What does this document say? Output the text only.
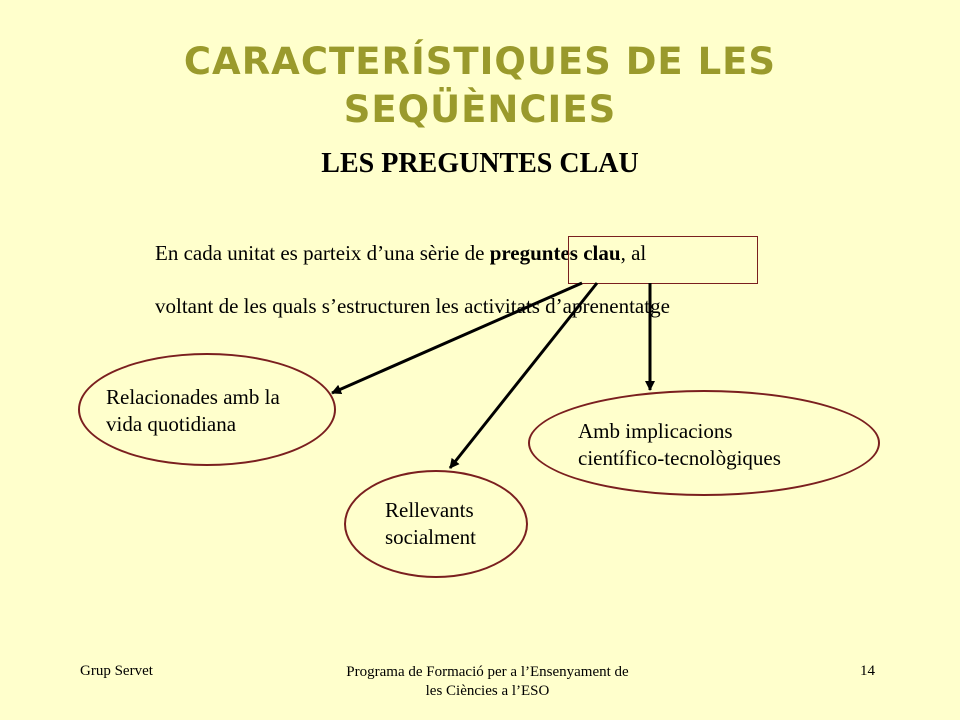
CARACTERÍSTIQUES DE LES
SEQÜÈNCIES
LES PREGUNTES CLAU
En cada unitat es parteix d’una sèrie de preguntes clau, al
voltant de les quals s’estructuren les activitats d’aprenentatge
Relacionades amb la
vida quotidiana	Amb implicacions
científico-tecnològiques
Rellevants
socialment
Grup Servet	Programa de Formació per a l’Ensenyament de les Ciències a l’ESO
14
